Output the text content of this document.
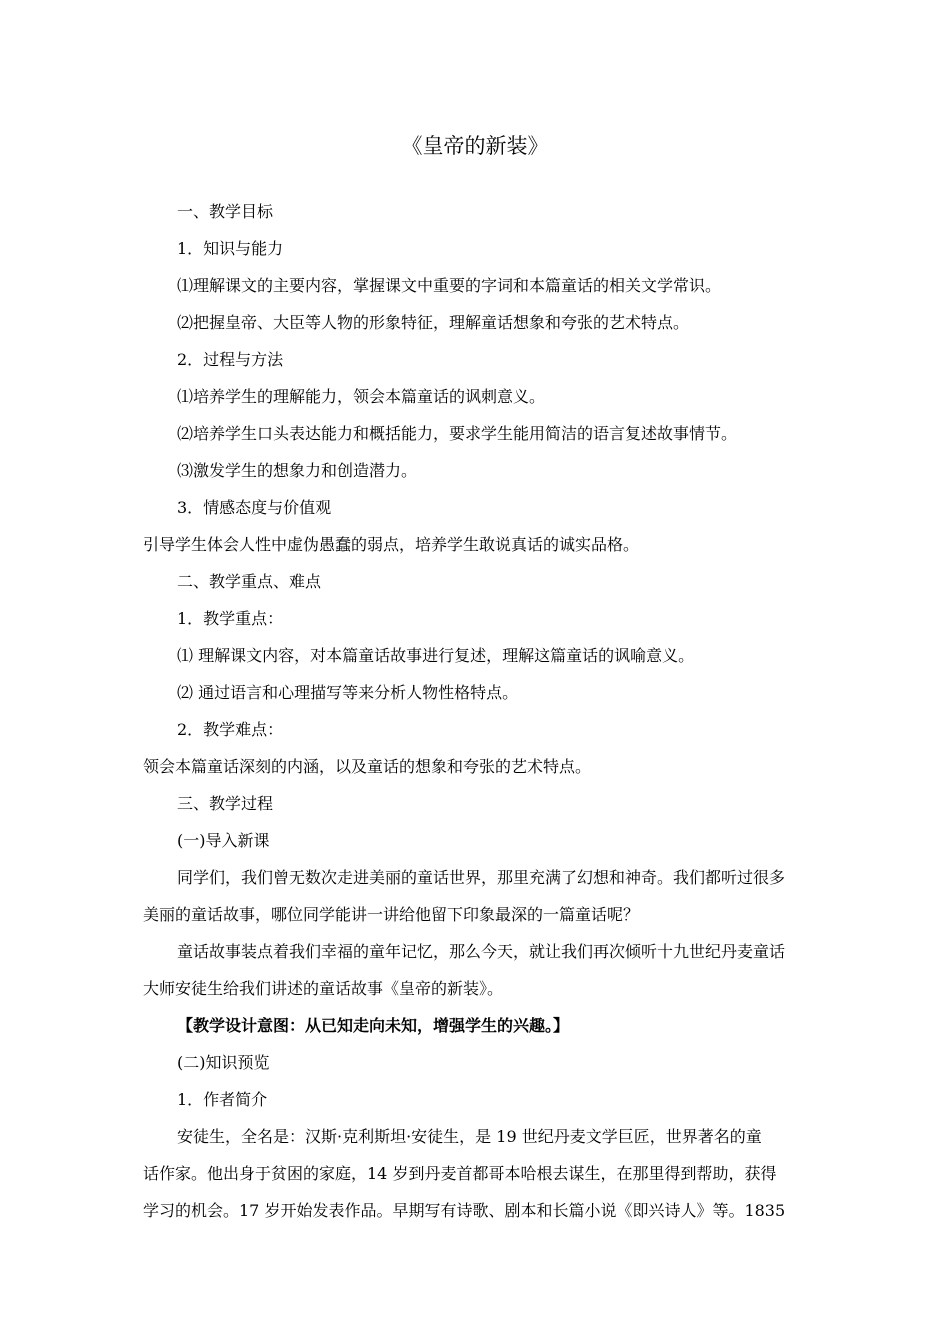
《皇帝的新装》
一、教学目标
1．知识与能力
⑴理解课文的主要内容，掌握课文中重要的字词和本篇童话的相关文学常识。
⑵把握皇帝、大臣等人物的形象特征，理解童话想象和夸张的艺术特点。
2．过程与方法
⑴培养学生的理解能力，领会本篇童话的讽刺意义。
⑵培养学生口头表达能力和概括能力，要求学生能用简洁的语言复述故事情节。
⑶激发学生的想象力和创造潜力。
3．情感态度与价值观
引导学生体会人性中虚伪愚蠢的弱点，培养学生敢说真话的诚实品格。
二、教学重点、难点
1．教学重点：
⑴ 理解课文内容，对本篇童话故事进行复述，理解这篇童话的讽喻意义。
⑵ 通过语言和心理描写等来分析人物性格特点。
2．教学难点：
领会本篇童话深刻的内涵，以及童话的想象和夸张的艺术特点。
三、教学过程
(一)导入新课
同学们，我们曾无数次走进美丽的童话世界，那里充满了幻想和神奇。我们都听过很多
美丽的童话故事，哪位同学能讲一讲给他留下印象最深的一篇童话呢？
童话故事装点着我们幸福的童年记忆，那么今天，就让我们再次倾听十九世纪丹麦童话
大师安徒生给我们讲述的童话故事《皇帝的新装》。
【教学设计意图：从已知走向未知，增强学生的兴趣。】
(二)知识预览
1．作者简介
安徒生，全名是：汉斯·克利斯坦·安徒生，是 19 世纪丹麦文学巨匠，世界著名的童
话作家。他出身于贫困的家庭，14 岁到丹麦首都哥本哈根去谋生，在那里得到帮助，获得
学习的机会。17 岁开始发表作品。早期写有诗歌、剧本和长篇小说《即兴诗人》等。1835
